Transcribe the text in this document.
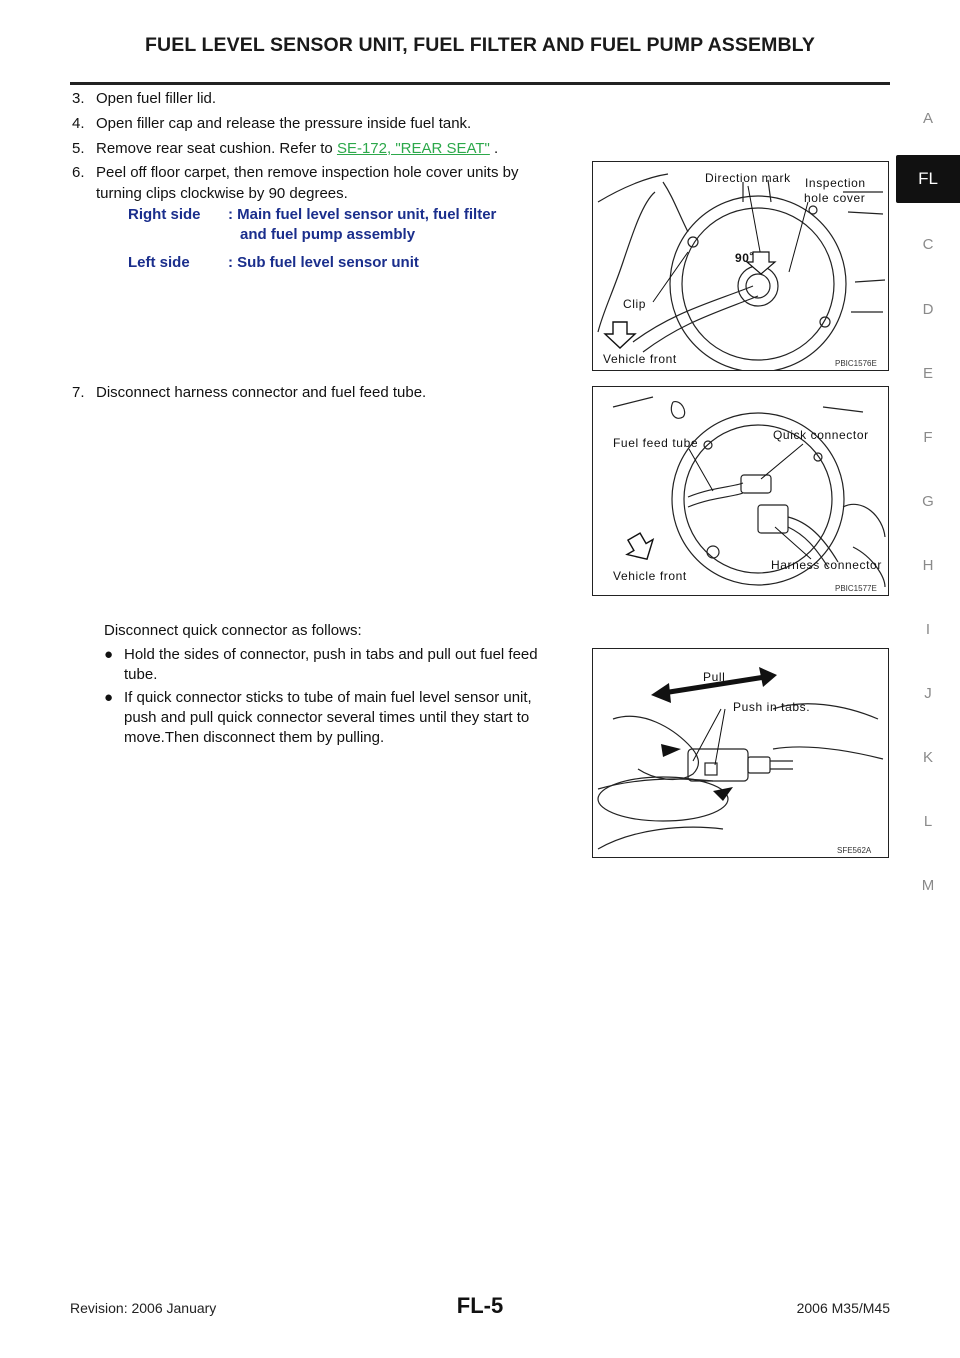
FUEL LEVEL SENSOR UNIT, FUEL FILTER AND FUEL PUMP ASSEMBLY
A
FL
C
D
E
F
G
H
I
J
K
L
M
3. Open fuel filler lid.
4. Open filler cap and release the pressure inside fuel tank.
5. Remove rear seat cushion. Refer to SE-172, "REAR SEAT" .
6. Peel off floor carpet, then remove inspection hole cover units by
turning clips clockwise by 90 degrees.
Right side	: Main fuel level sensor unit, fuel filter
and fuel pump assembly
Left side	: Sub fuel level sensor unit
7. Disconnect harness connector and fuel feed tube.
Disconnect quick connector as follows:
● Hold the sides of connector, push in tabs and pull out fuel feed
tube.
● If quick connector sticks to tube of main fuel level sensor unit,
push and pull quick connector several times until they start to
move.Then disconnect them by pulling.
Direction mark Inspection
hole cover
90˚
Clip
Vehicle front	PBIC1576E
Fuel feed tube
Quick connector
Harness connector
Vehicle front
PBIC1577E
Pull
Push in tabs.
SFE562A
Revision: 2006 January	FL-5	2006 M35/M45
